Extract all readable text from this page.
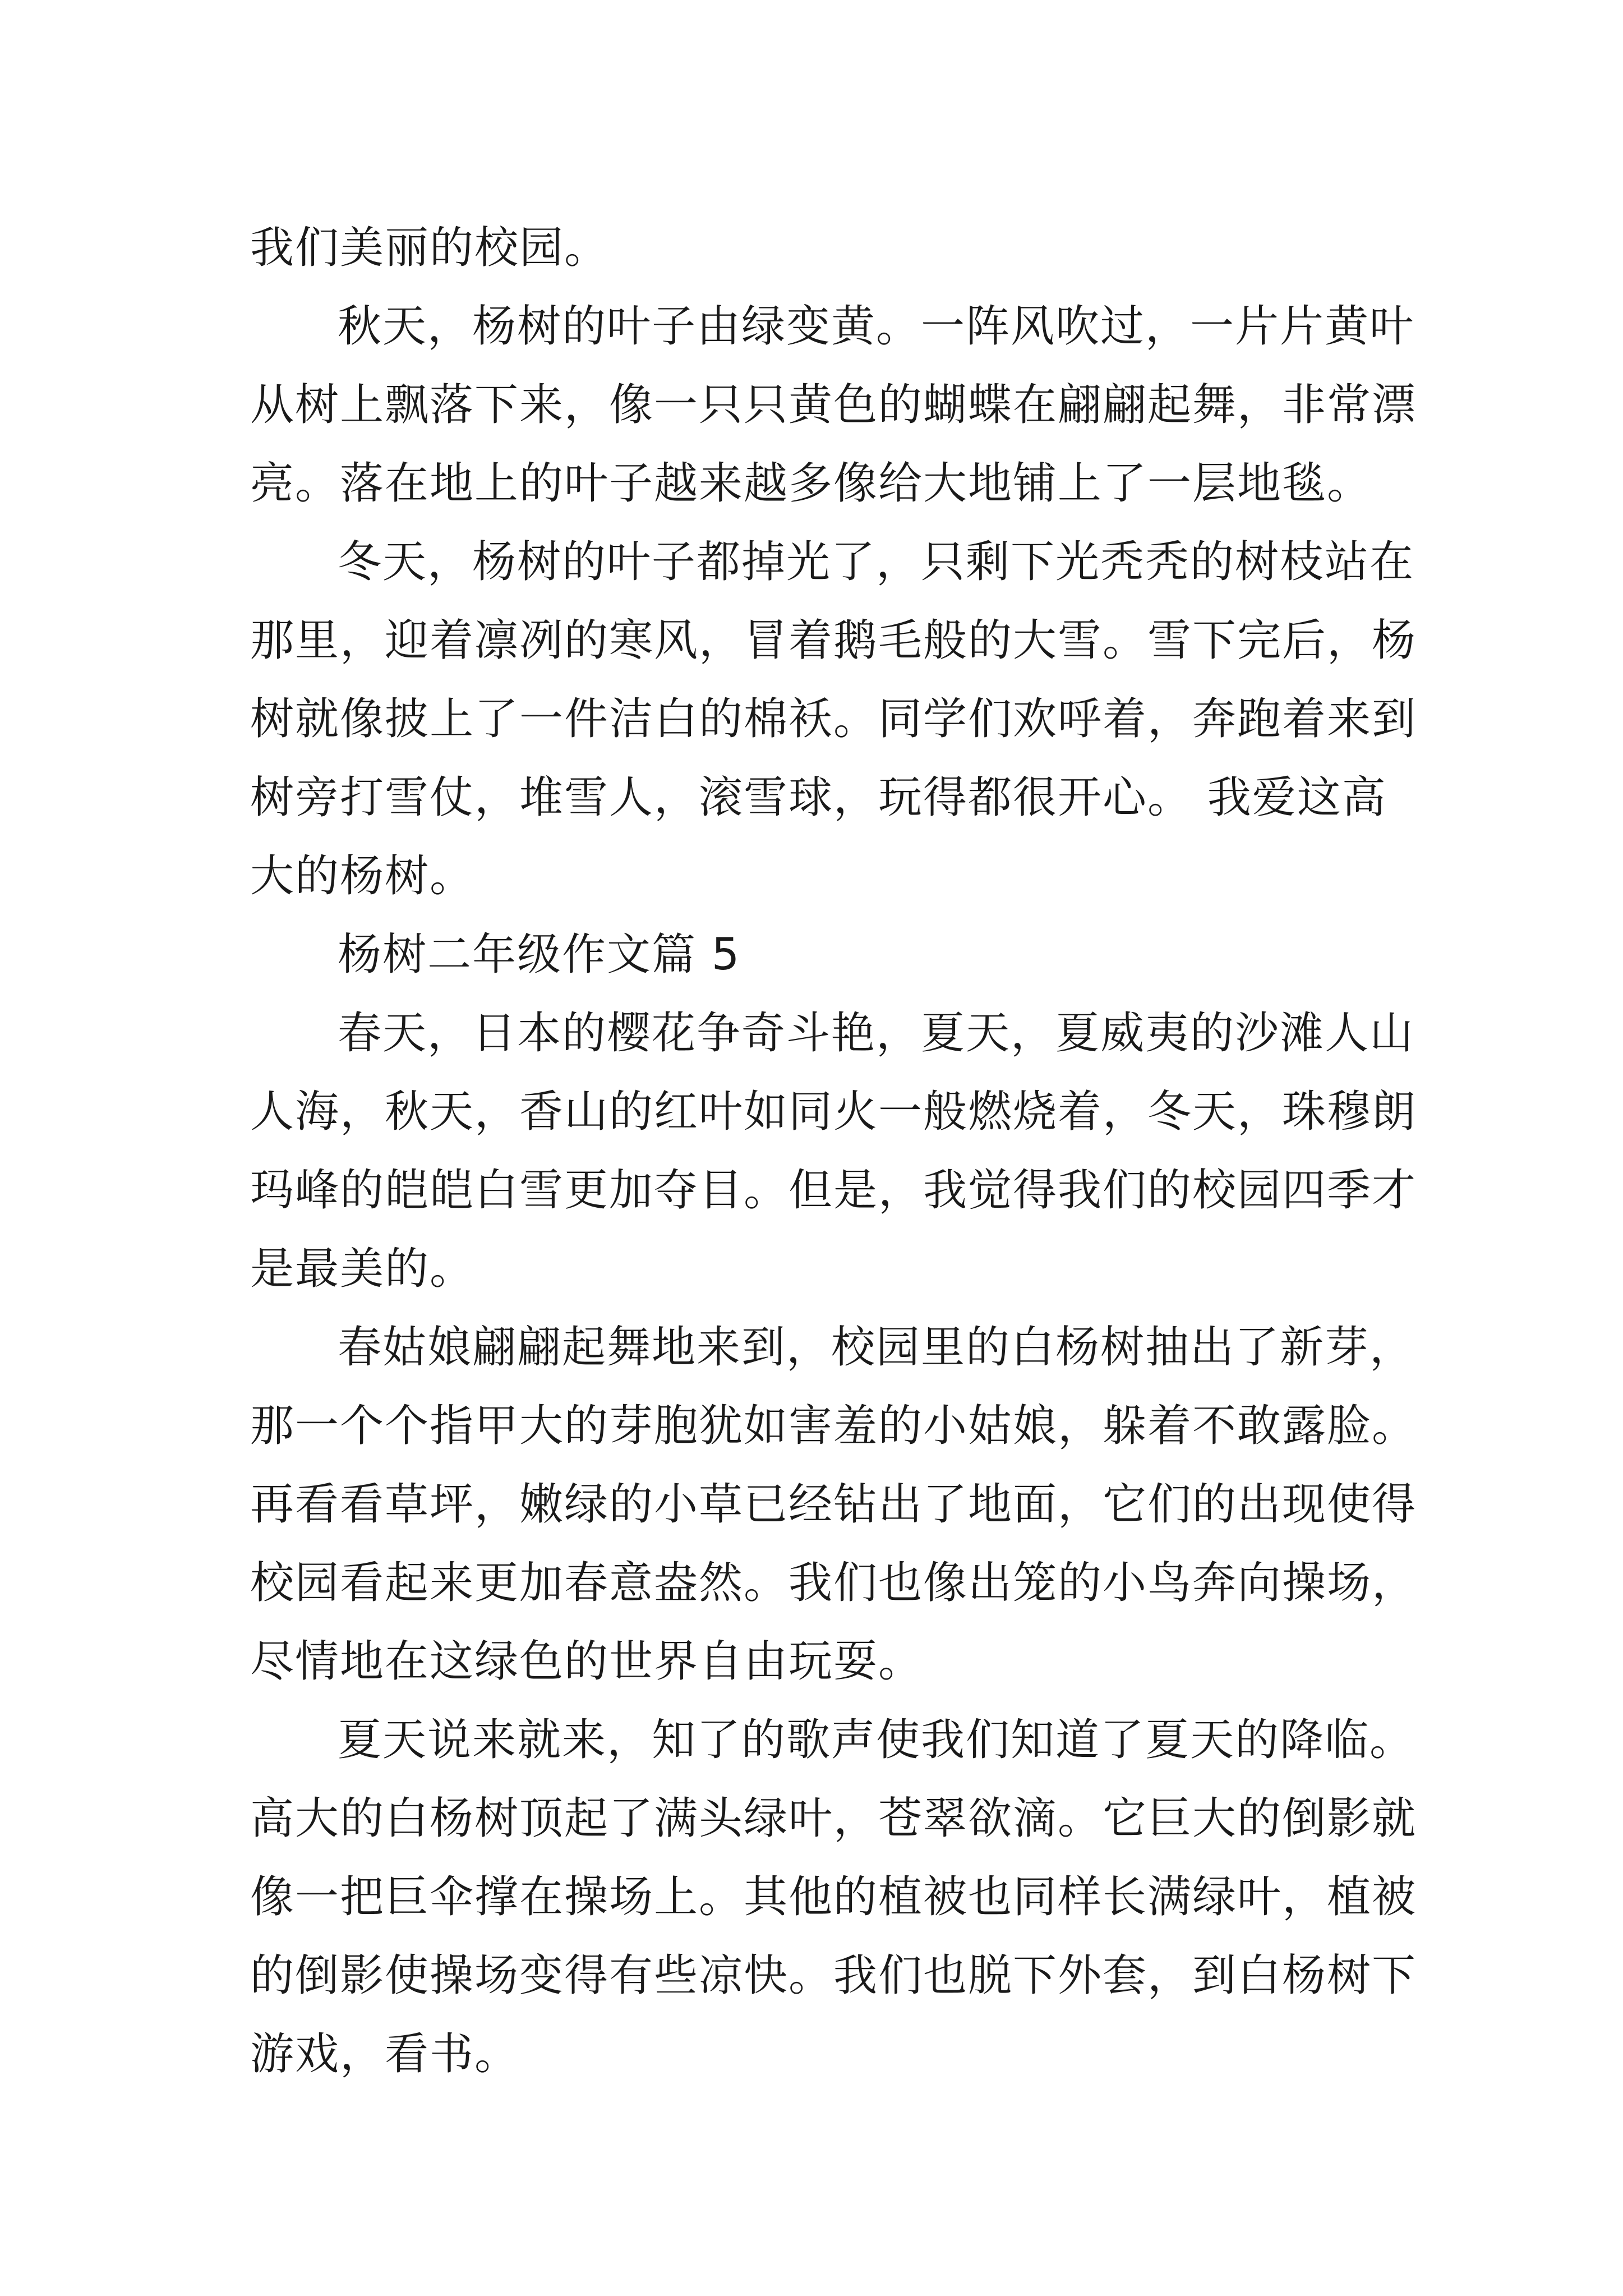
我们美丽的校园。
秋天，杨树的叶子由绿变黄。一阵风吹过，一片片黄叶
从树上飘落下来，像一只只黄色的蝴蝶在翩翩起舞，非常漂
亮。落在地上的叶子越来越多像给大地铺上了一层地毯。
冬天，杨树的叶子都掉光了，只剩下光秃秃的树枝站在
那里，迎着凛冽的寒风，冒着鹅毛般的大雪。雪下完后，杨
树就像披上了一件洁白的棉袄。同学们欢呼着，奔跑着来到
树旁打雪仗，堆雪人，滚雪球，玩得都很开心。 我爱这高
大的杨树。
杨树二年级作文篇 5
春天，日本的樱花争奇斗艳，夏天，夏威夷的沙滩人山
人海，秋天，香山的红叶如同火一般燃烧着，冬天，珠穆朗
玛峰的皑皑白雪更加夺目。但是，我觉得我们的校园四季才
是最美的。
春姑娘翩翩起舞地来到，校园里的白杨树抽出了新芽，
那一个个指甲大的芽胞犹如害羞的小姑娘，躲着不敢露脸。
再看看草坪，嫩绿的小草已经钻出了地面，它们的出现使得
校园看起来更加春意盎然。我们也像出笼的小鸟奔向操场，
尽情地在这绿色的世界自由玩耍。
夏天说来就来，知了的歌声使我们知道了夏天的降临。
高大的白杨树顶起了满头绿叶，苍翠欲滴。它巨大的倒影就
像一把巨伞撑在操场上。其他的植被也同样长满绿叶，植被
的倒影使操场变得有些凉快。我们也脱下外套，到白杨树下
游戏，看书。
